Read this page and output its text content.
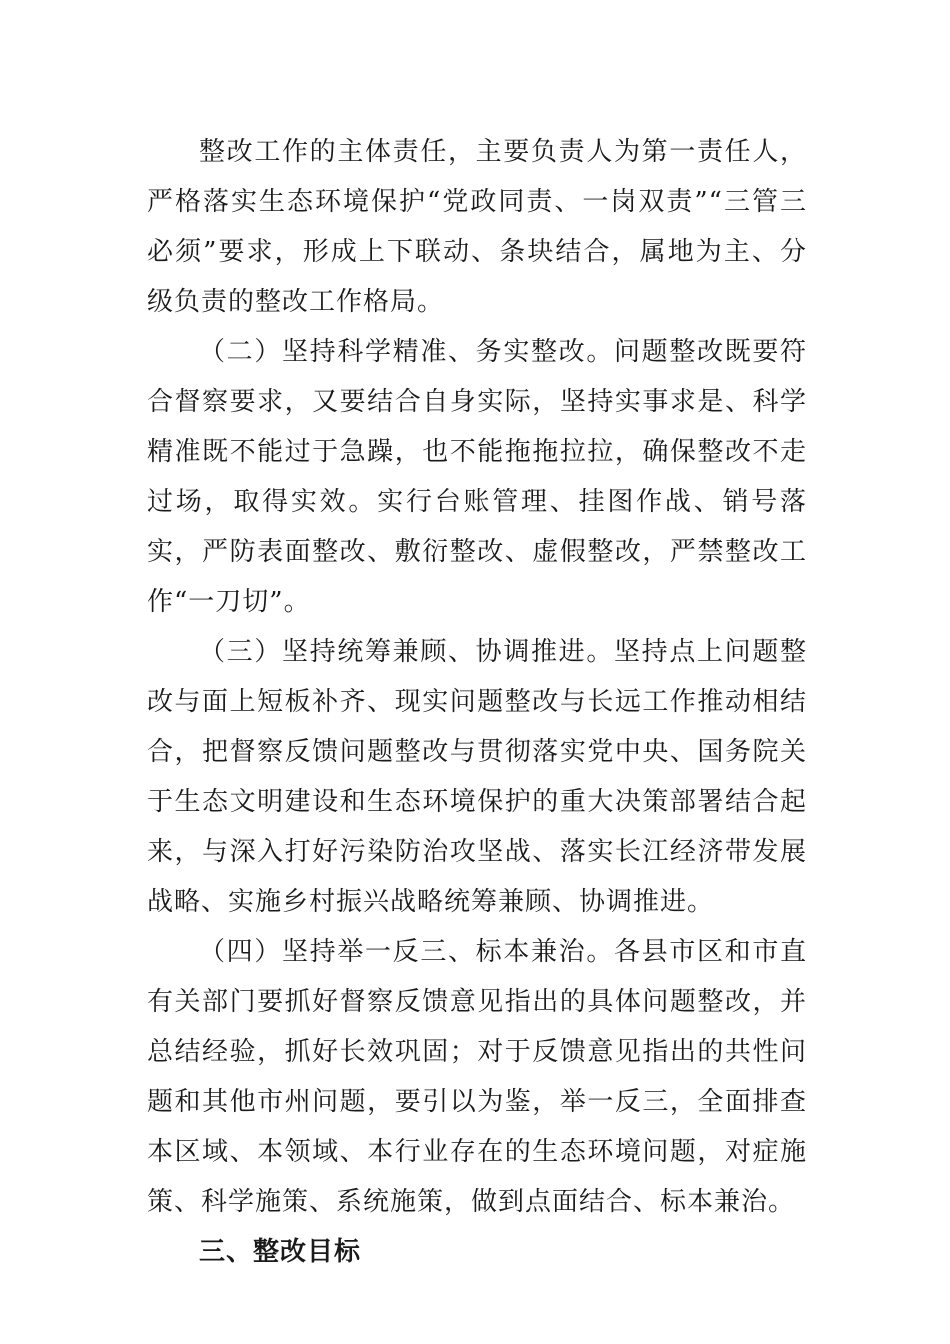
整改工作的主体责任，主要负责人为第一责任人，严格落实生态环境保护“党政同责、一岗双责”“三管三必须”要求，形成上下联动、条块结合，属地为主、分级负责的整改工作格局。

（二）坚持科学精准、务实整改。问题整改既要符合督察要求，又要结合自身实际，坚持实事求是、科学精准既不能过于急躁，也不能拖拖拉拉，确保整改不走过场，取得实效。实行台账管理、挂图作战、销号落实，严防表面整改、敷衍整改、虚假整改，严禁整改工作“一刀切”。

（三）坚持统筹兼顾、协调推进。坚持点上问题整改与面上短板补齐、现实问题整改与长远工作推动相结合，把督察反馈问题整改与贯彻落实党中央、国务院关于生态文明建设和生态环境保护的重大决策部署结合起来，与深入打好污染防治攻坚战、落实长江经济带发展战略、实施乡村振兴战略统筹兼顾、协调推进。

（四）坚持举一反三、标本兼治。各县市区和市直有关部门要抓好督察反馈意见指出的具体问题整改，并总结经验，抓好长效巩固；对于反馈意见指出的共性问题和其他市州问题，要引以为鉴，举一反三，全面排查本区域、本领域、本行业存在的生态环境问题，对症施策、科学施策、系统施策，做到点面结合、标本兼治。

三、整改目标
